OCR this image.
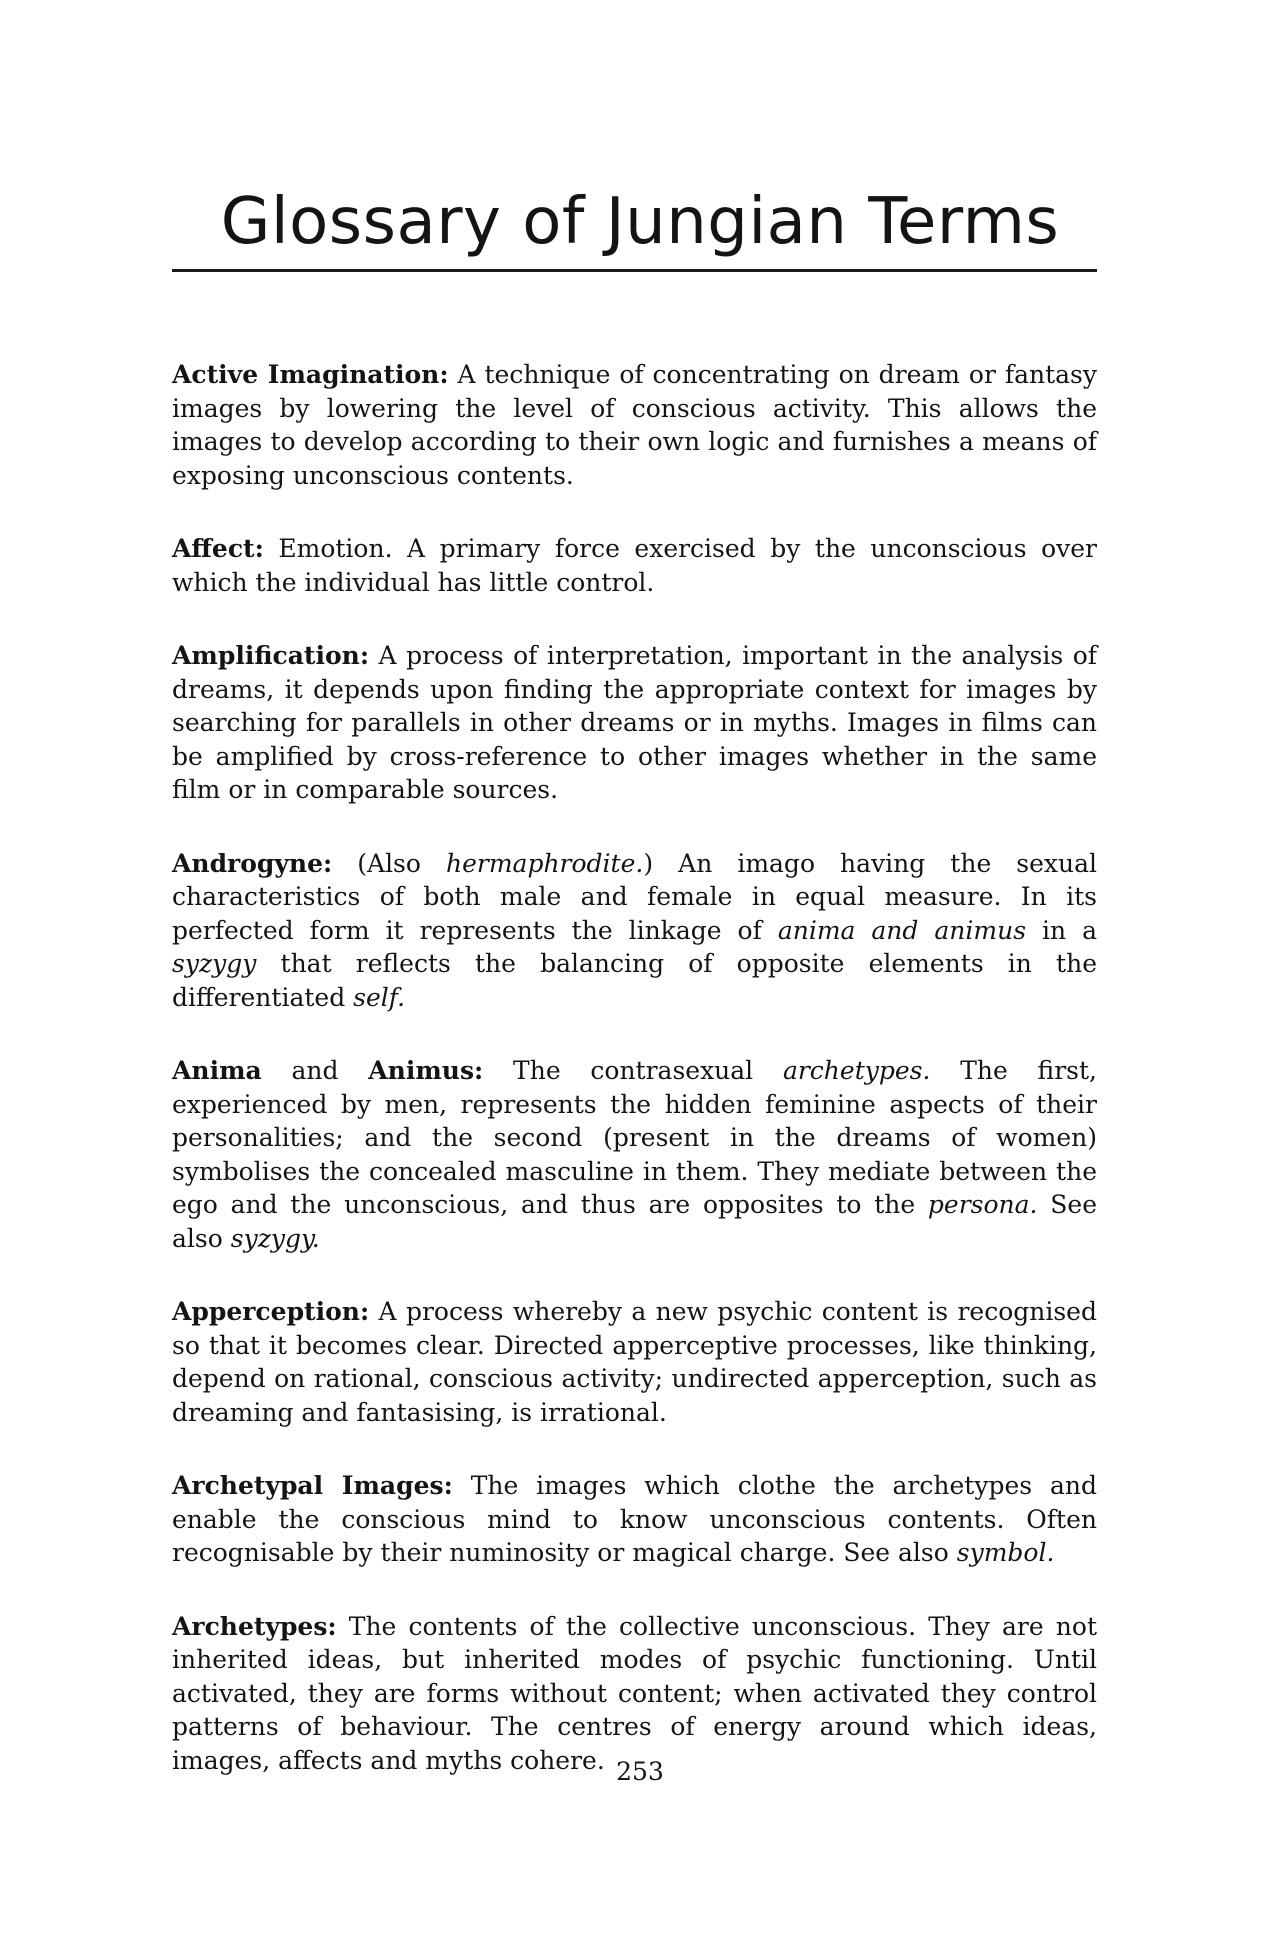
Glossary of Jungian Terms

Active Imagination: A technique of concentrating on dream or fantasy images by lowering the level of conscious activity. This allows the images to develop according to their own logic and furnishes a means of exposing unconscious contents.

Affect: Emotion. A primary force exercised by the unconscious over which the individual has little control.

Amplification: A process of interpretation, important in the analysis of dreams, it depends upon finding the appropriate context for images by searching for parallels in other dreams or in myths. Images in films can be amplified by cross-reference to other images whether in the same film or in comparable sources.

Androgyne: (Also hermaphrodite.) An imago having the sexual characteristics of both male and female in equal measure. In its perfected form it represents the linkage of anima and animus in a syzygy that reflects the balancing of opposite elements in the differentiated self.

Anima and Animus: The contrasexual archetypes. The first, experienced by men, represents the hidden feminine aspects of their personalities; and the second (present in the dreams of women) symbolises the concealed masculine in them. They mediate between the ego and the unconscious, and thus are opposites to the persona. See also syzygy.

Apperception: A process whereby a new psychic content is recognised so that it becomes clear. Directed apperceptive processes, like thinking, depend on rational, conscious activity; undirected apperception, such as dreaming and fantasising, is irrational.

Archetypal Images: The images which clothe the archetypes and enable the conscious mind to know unconscious contents. Often recognisable by their numinosity or magical charge. See also symbol.

Archetypes: The contents of the collective unconscious. They are not inherited ideas, but inherited modes of psychic functioning. Until activated, they are forms without content; when activated they control patterns of behaviour. The centres of energy around which ideas, images, affects and myths cohere. 253
